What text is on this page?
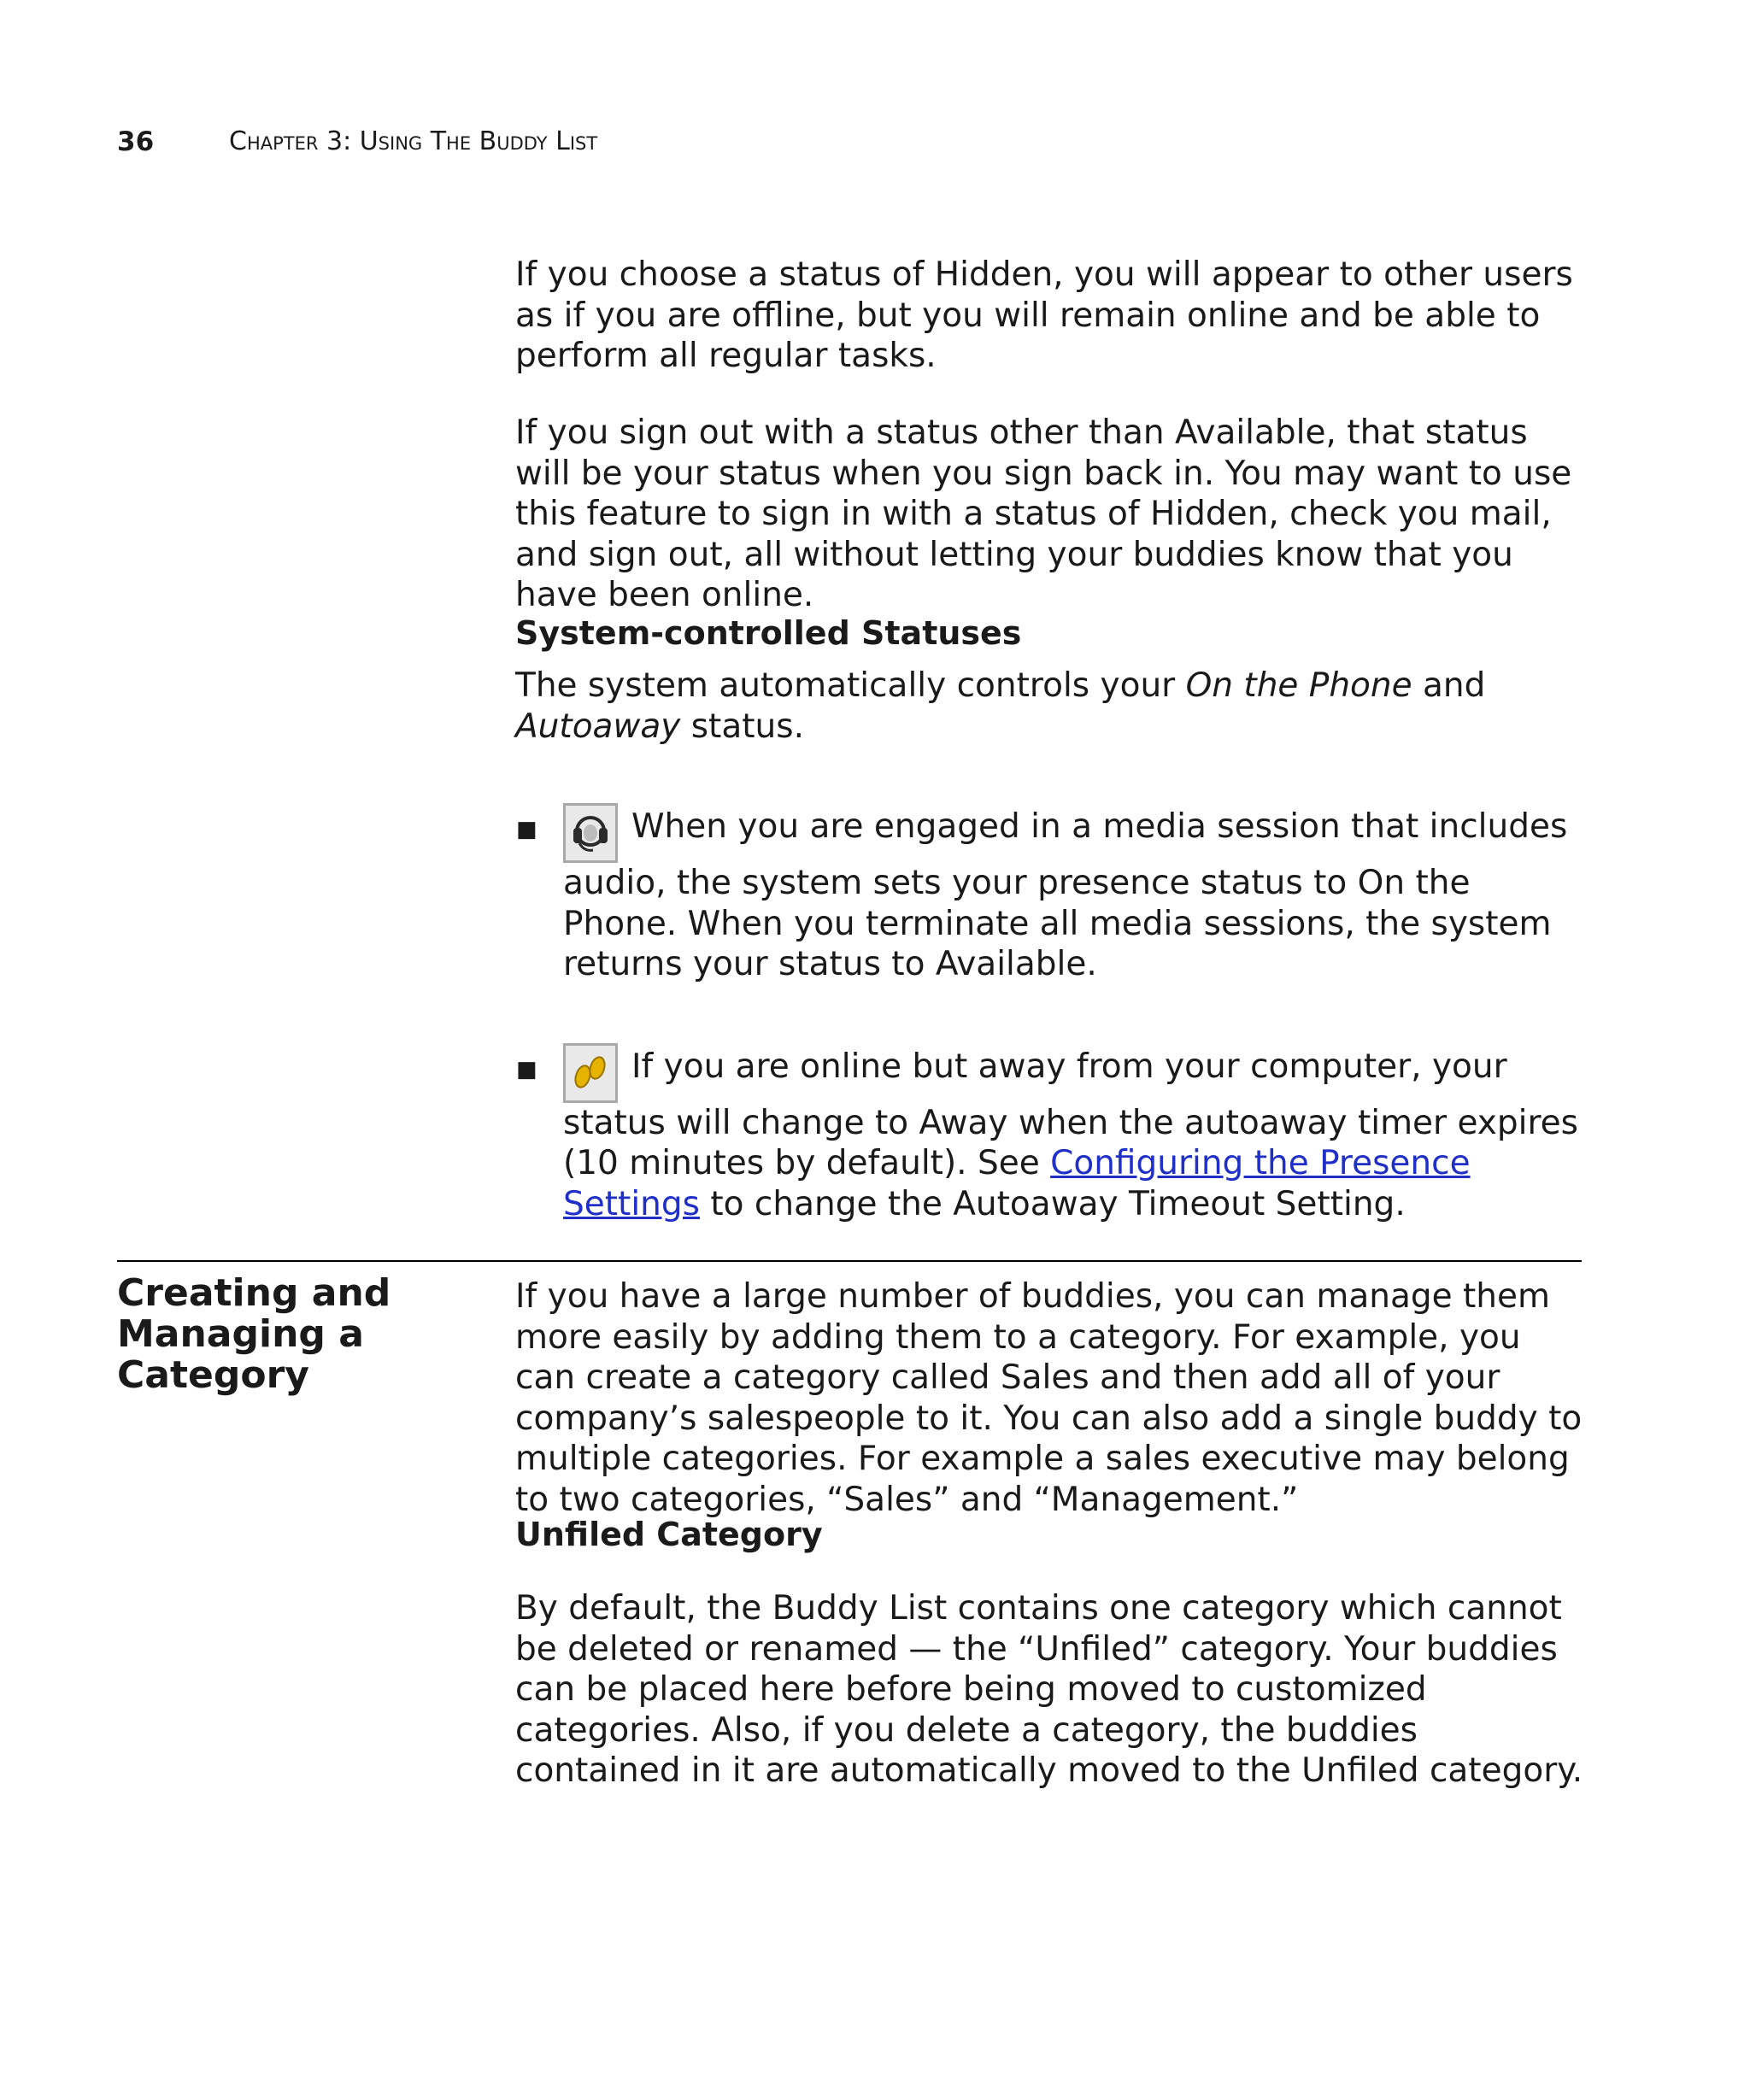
36	Chapter 3: Using The Buddy List

If you choose a status of Hidden, you will appear to other users as if you are offline, but you will remain online and be able to perform all regular tasks.

If you sign out with a status other than Available, that status will be your status when you sign back in. You may want to use this feature to sign in with a status of Hidden, check you mail, and sign out, all without letting your buddies know that you have been online.

System-controlled Statuses

The system automatically controls your On the Phone and Autoaway status.

■	When you are engaged in a media session that includes audio, the system sets your presence status to On the Phone. When you terminate all media sessions, the system returns your status to Available.
■	If you are online but away from your computer, your status will change to Away when the autoaway timer expires (10 minutes by default). See Configuring the Presence Settings to change the Autoaway Timeout Setting.
Creating and Managing a Category

If you have a large number of buddies, you can manage them more easily by adding them to a category. For example, you can create a category called Sales and then add all of your company’s salespeople to it. You can also add a single buddy to multiple categories. For example a sales executive may belong to two categories, “Sales” and “Management.”

Unfiled Category

By default, the Buddy List contains one category which cannot be deleted or renamed — the “Unfiled” category. Your buddies can be placed here before being moved to customized categories. Also, if you delete a category, the buddies contained in it are automatically moved to the Unfiled category.
